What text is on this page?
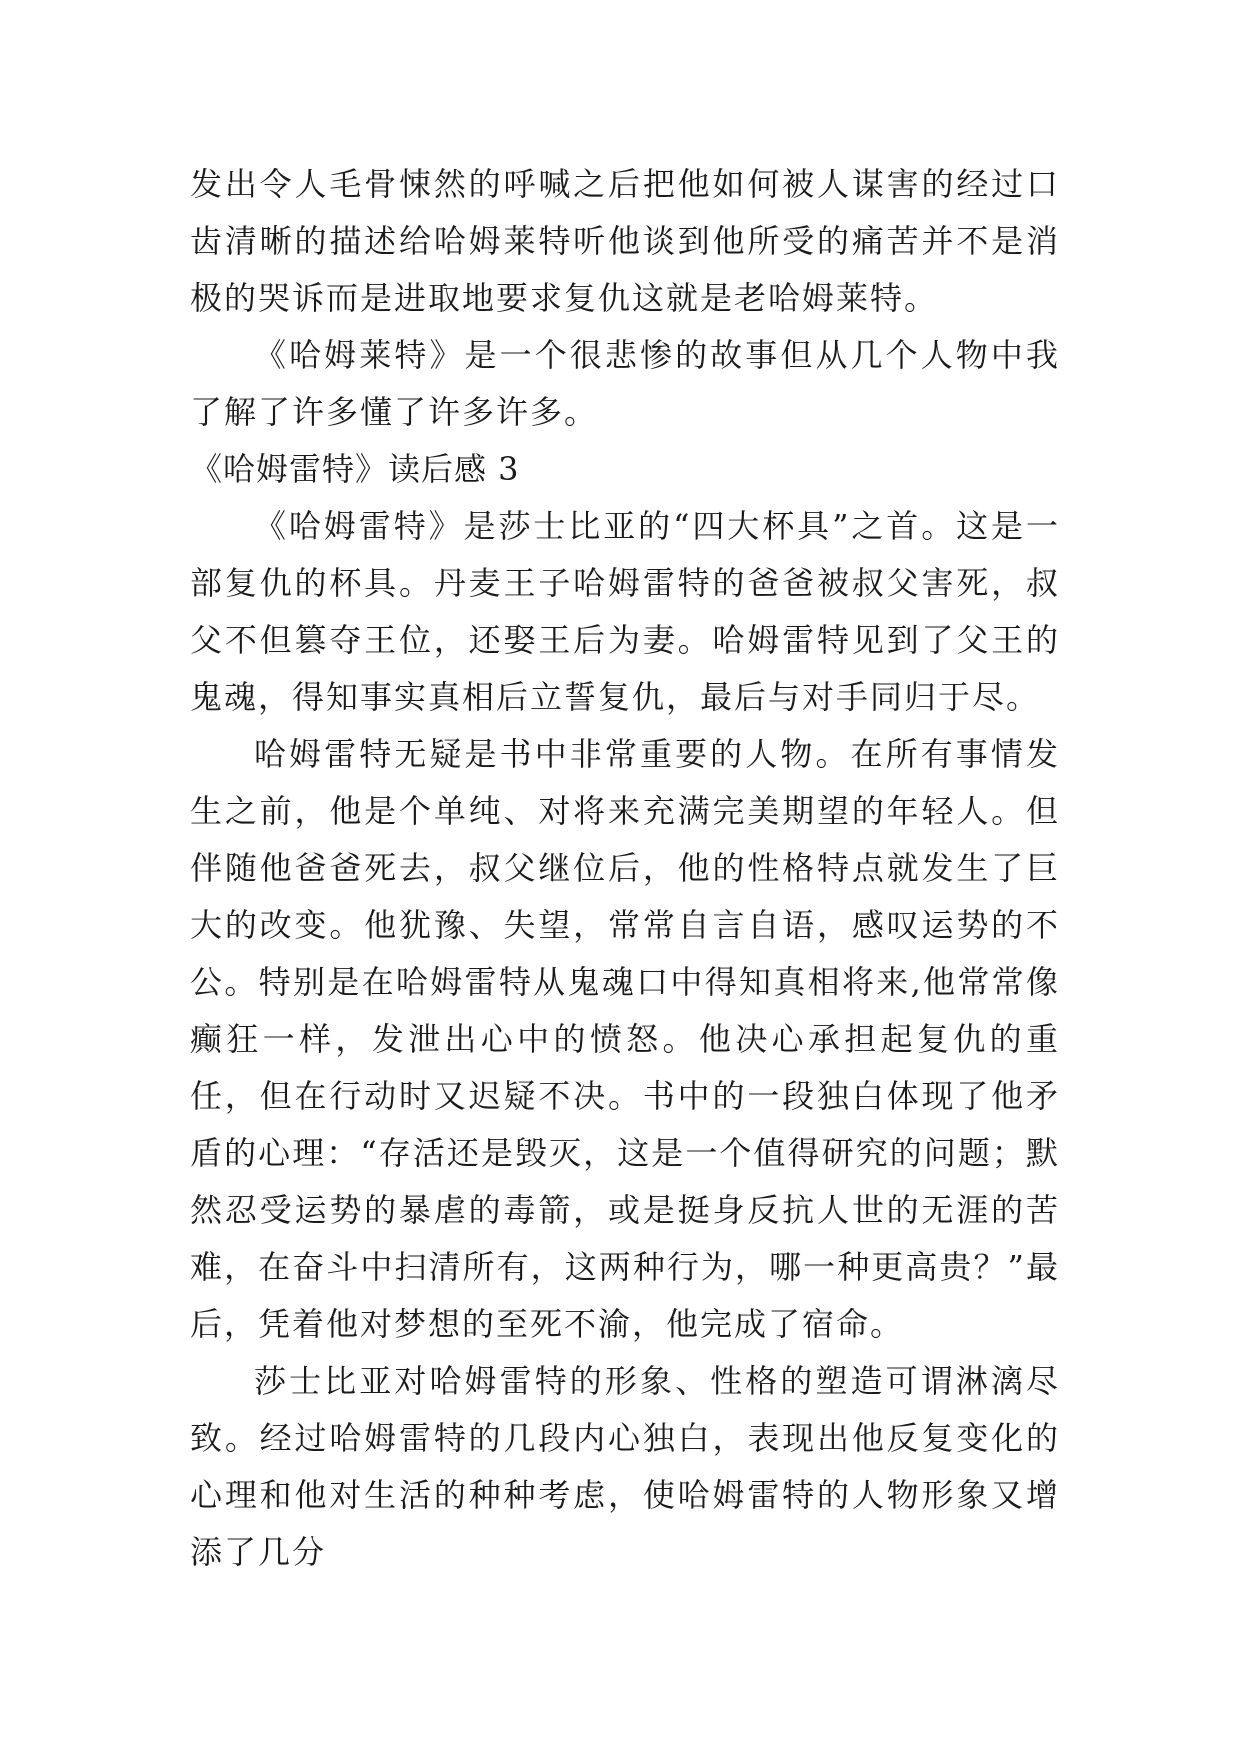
发出令人毛骨悚然的呼喊之后把他如何被人谋害的经过口齿清晰的描述给哈姆莱特听他谈到他所受的痛苦并不是消极的哭诉而是进取地要求复仇这就是老哈姆莱特。

《哈姆莱特》是一个很悲惨的故事但从几个人物中我了解了许多懂了许多许多。

《哈姆雷特》读后感 3

《哈姆雷特》是莎士比亚的“四大杯具”之首。这是一部复仇的杯具。丹麦王子哈姆雷特的爸爸被叔父害死，叔父不但篡夺王位，还娶王后为妻。哈姆雷特见到了父王的鬼魂，得知事实真相后立誓复仇，最后与对手同归于尽。

哈姆雷特无疑是书中非常重要的人物。在所有事情发生之前，他是个单纯、对将来充满完美期望的年轻人。但伴随他爸爸死去，叔父继位后，他的性格特点就发生了巨大的改变。他犹豫、失望，常常自言自语，感叹运势的不公。特别是在哈姆雷特从鬼魂口中得知真相将来,他常常像癫狂一样，发泄出心中的愤怒。他决心承担起复仇的重任，但在行动时又迟疑不决。书中的一段独白体现了他矛盾的心理：“存活还是毁灭，这是一个值得研究的问题；默然忍受运势的暴虐的毒箭，或是挺身反抗人世的无涯的苦难，在奋斗中扫清所有，这两种行为，哪一种更高贵？”最后，凭着他对梦想的至死不渝，他完成了宿命。

莎士比亚对哈姆雷特的形象、性格的塑造可谓淋漓尽致。经过哈姆雷特的几段内心独白，表现出他反复变化的心理和他对生活的种种考虑，使哈姆雷特的人物形象又增添了几分
